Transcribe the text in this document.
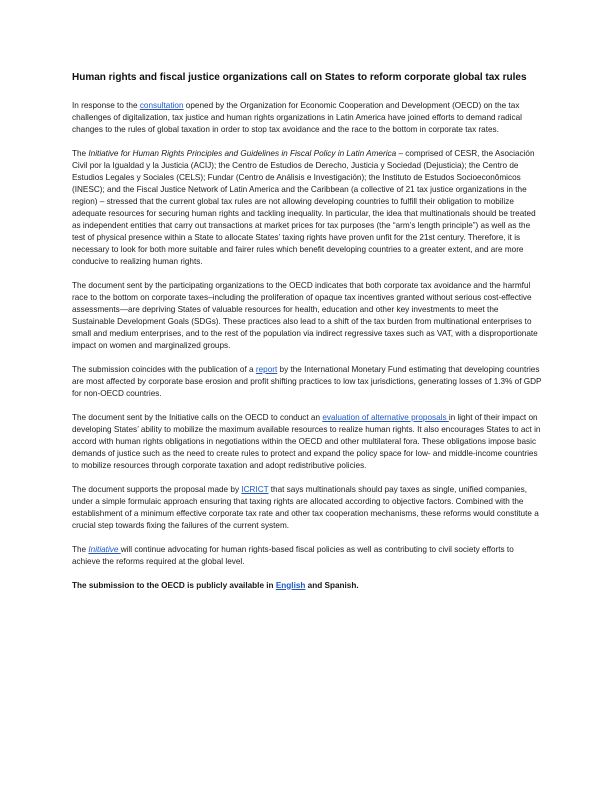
Human rights and fiscal justice organizations call on States to reform corporate global tax rules

In response to the consultation opened by the Organization for Economic Cooperation and Development (OECD) on the tax challenges of digitalization, tax justice and human rights organizations in Latin America have joined efforts to demand radical changes to the rules of global taxation in order to stop tax avoidance and the race to the bottom in corporate tax rates.

The Initiative for Human Rights Principles and Guidelines in Fiscal Policy in Latin America – comprised of CESR, the Asociación Civil por la Igualdad y la Justicia (ACIJ); the Centro de Estudios de Derecho, Justicia y Sociedad (Dejusticia); the Centro de Estudios Legales y Sociales (CELS); Fundar (Centro de Análisis e Investigación); the Instituto de Estudos Socioeconômicos (INESC); and the Fiscal Justice Network of Latin America and the Caribbean (a collective of 21 tax justice organizations in the region) – stressed that the current global tax rules are not allowing developing countries to fulfill their obligation to mobilize adequate resources for securing human rights and tackling inequality. In particular, the idea that multinationals should be treated as independent entities that carry out transactions at market prices for tax purposes (the “arm’s length principle”) as well as the test of physical presence within a State to allocate States’ taxing rights have proven unfit for the 21st century. Therefore, it is necessary to look for both more suitable and fairer rules which benefit developing countries to a greater extent, and are more conducive to realizing human rights.

The document sent by the participating organizations to the OECD indicates that both corporate tax avoidance and the harmful race to the bottom on corporate taxes–including the proliferation of opaque tax incentives granted without serious cost-effective assessments—are depriving States of valuable resources for health, education and other key investments to meet the Sustainable Development Goals (SDGs). These practices also lead to a shift of the tax burden from multinational enterprises to small and medium enterprises, and to the rest of the population via indirect regressive taxes such as VAT, with a disproportionate impact on women and marginalized groups.

The submission coincides with the publication of a report by the International Monetary Fund estimating that developing countries are most affected by corporate base erosion and profit shifting practices to low tax jurisdictions, generating losses of 1.3% of GDP for non-OECD countries.

The document sent by the Initiative calls on the OECD to conduct an evaluation of alternative proposals in light of their impact on developing States’ ability to mobilize the maximum available resources to realize human rights. It also encourages States to act in accord with human rights obligations in negotiations within the OECD and other multilateral fora. These obligations impose basic demands of justice such as the need to create rules to protect and expand the policy space for low- and middle-income countries to mobilize resources through corporate taxation and adopt redistributive policies.

The document supports the proposal made by ICRICT that says multinationals should pay taxes as single, unified companies, under a simple formulaic approach ensuring that taxing rights are allocated according to objective factors. Combined with the establishment of a minimum effective corporate tax rate and other tax cooperation mechanisms, these reforms would constitute a crucial step towards fixing the failures of the current system.

The Initiative will continue advocating for human rights-based fiscal policies as well as contributing to civil society efforts to achieve the reforms required at the global level.

The submission to the OECD is publicly available in English and Spanish.
